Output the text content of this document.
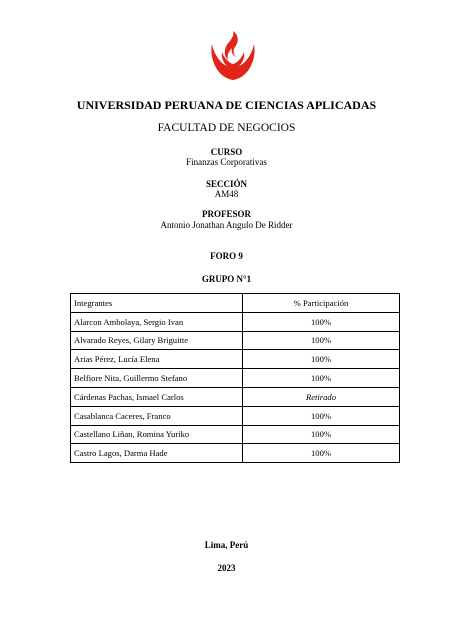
UNIVERSIDAD PERUANA DE CIENCIAS APLICADAS
FACULTAD DE NEGOCIOS
CURSO
Finanzas Corporativas
SECCIÓN
AM48
PROFESOR
Antonio Jonathan Angulo De Ridder
FORO 9
GRUPO N°1
Integrantes	% Participación
Alarcon Ambolaya, Sergio Ivan	100%
Alvarado Reyes, Gilary Briguitte	100%
Arias Pérez, Lucía Elena	100%
Belfiore Nita, Guillermo Stefano	100%
Cárdenas Pachas, Ismael Carlos	Retirado
Casablanca Caceres, Franco	100%
Castellano Liñan, Romina Yuriko	100%
Castro Lagos, Darma Hade	100%
Lima, Perú
2023
